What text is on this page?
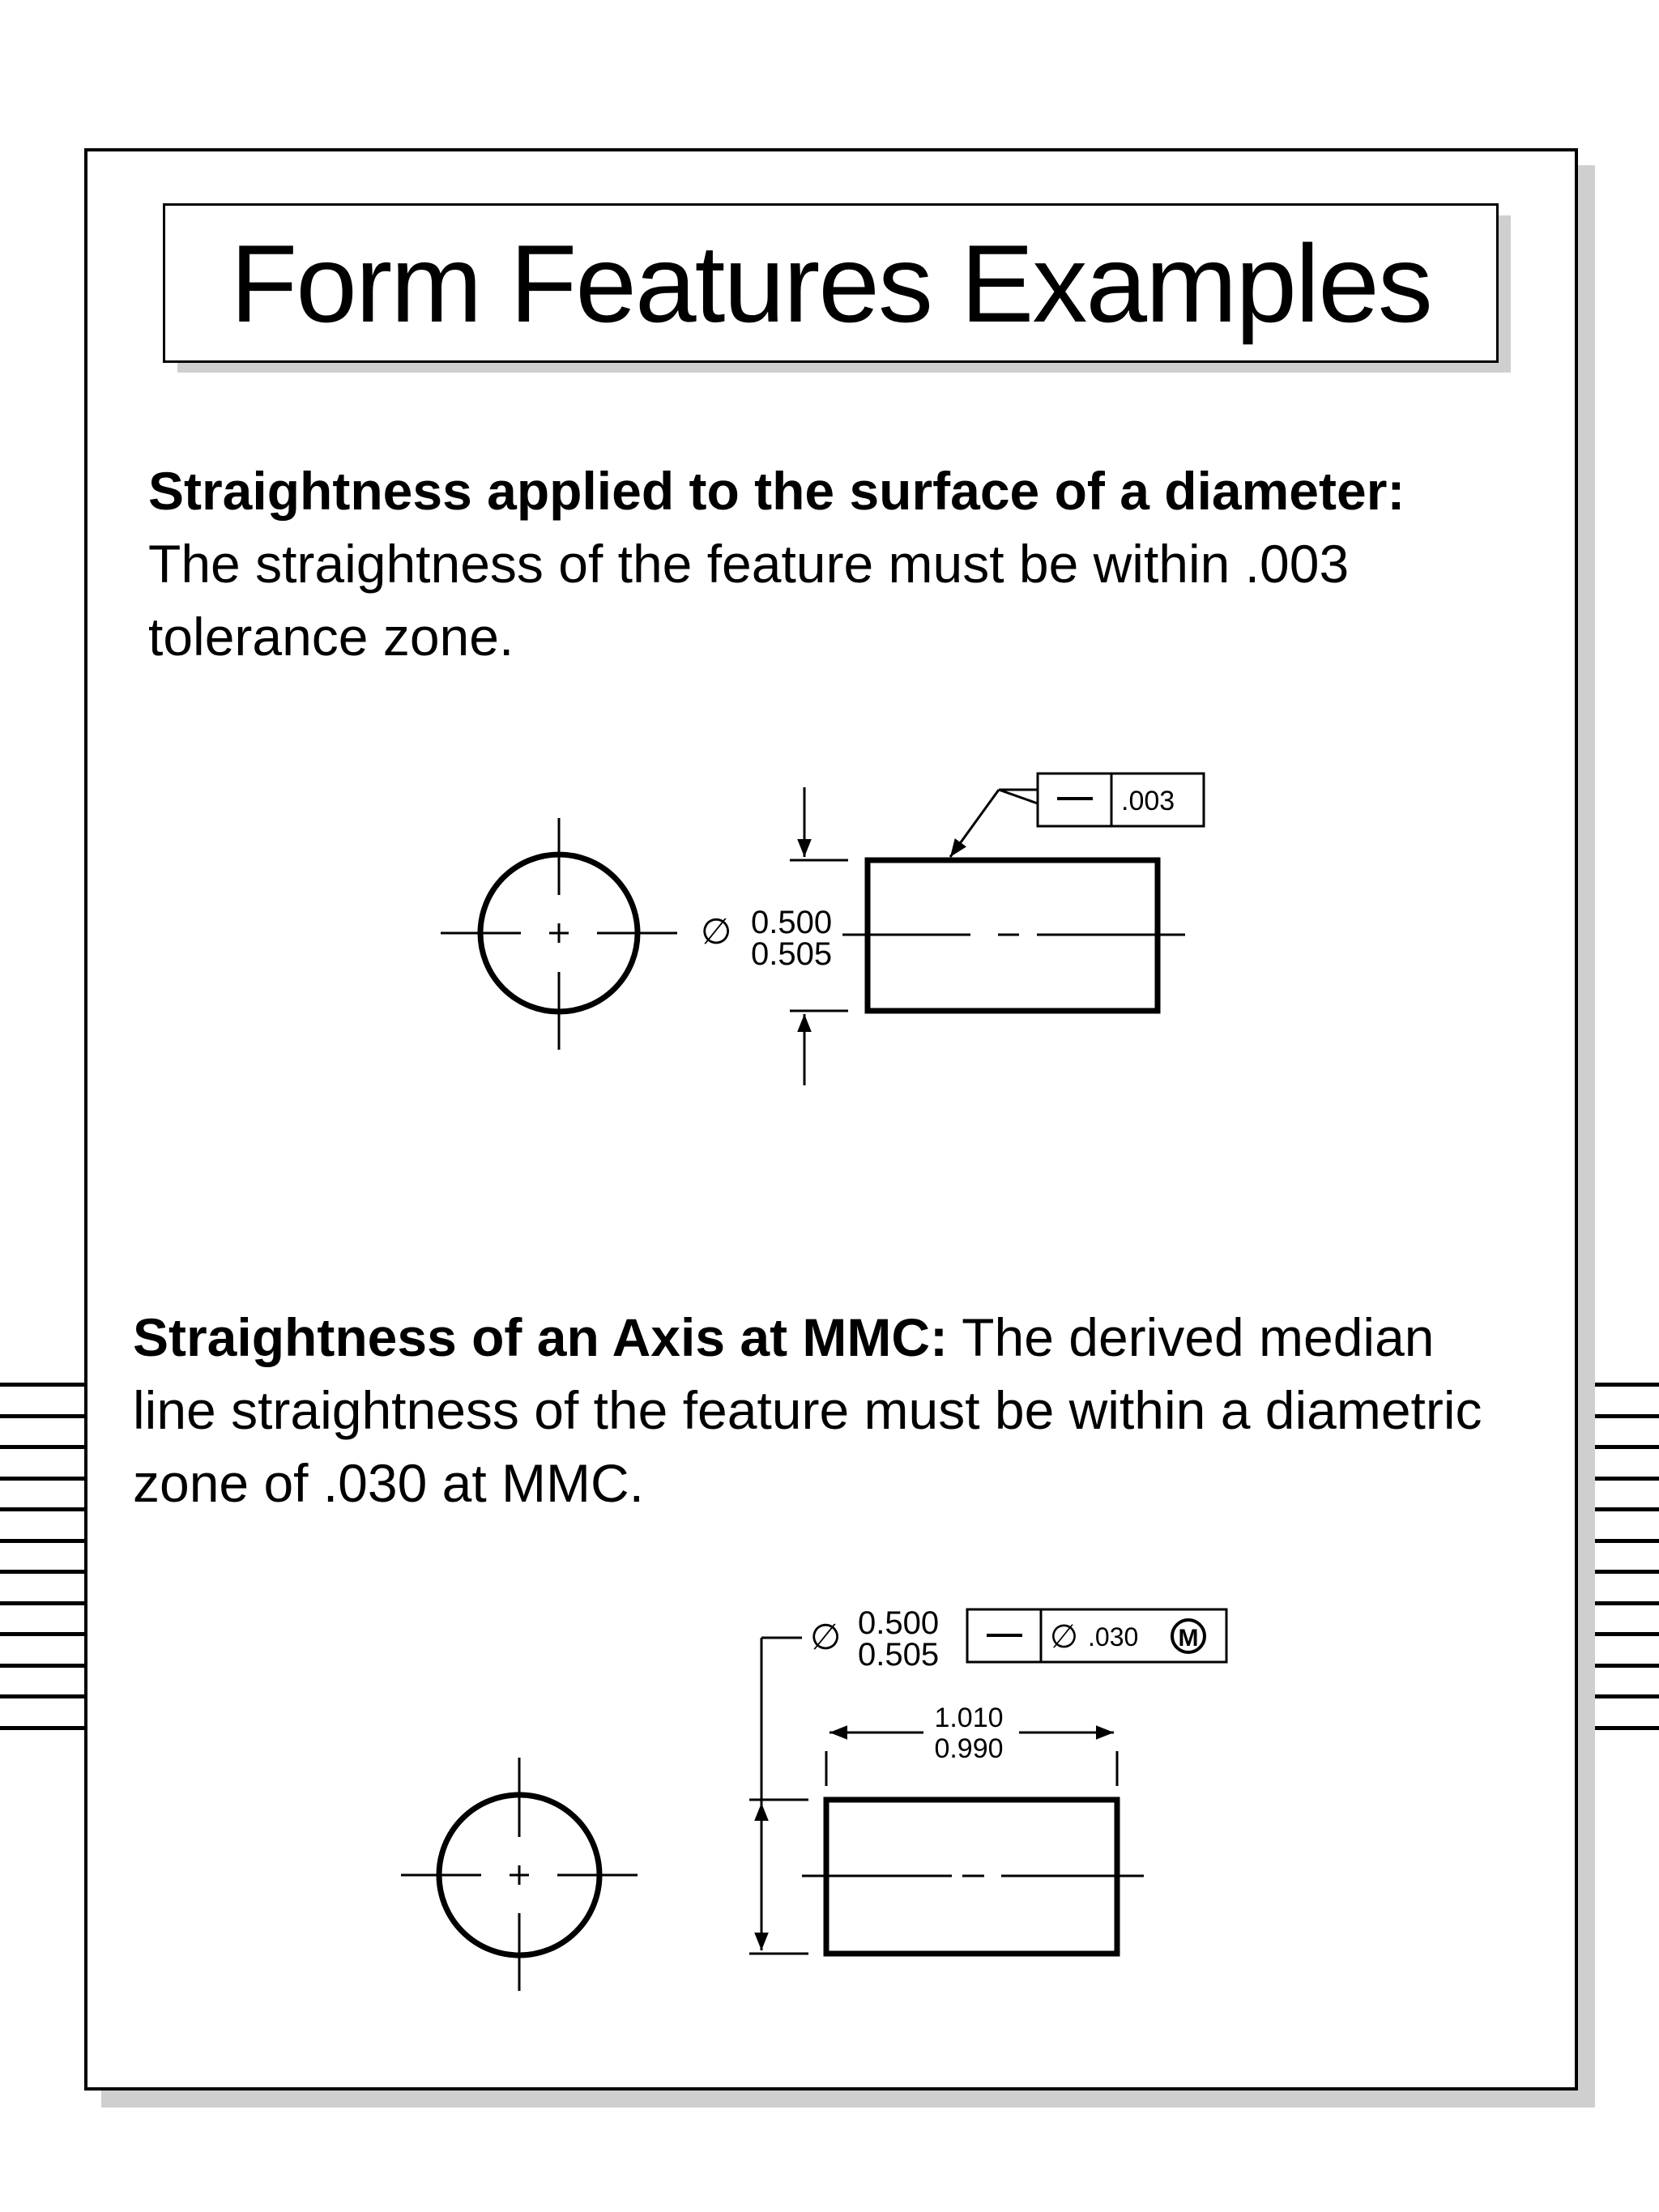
Form Features Examples

Straightness applied to the surface of a diameter: The straightness of the feature must be within .003 tolerance zone.

Straightness of an Axis at MMC: The derived median line straightness of the feature must be within a diametric zone of .030 at MMC.

∅ 0.500
0.505
.003
∅ 0.500
0.505	∅ .030 M
1.010
0.990
